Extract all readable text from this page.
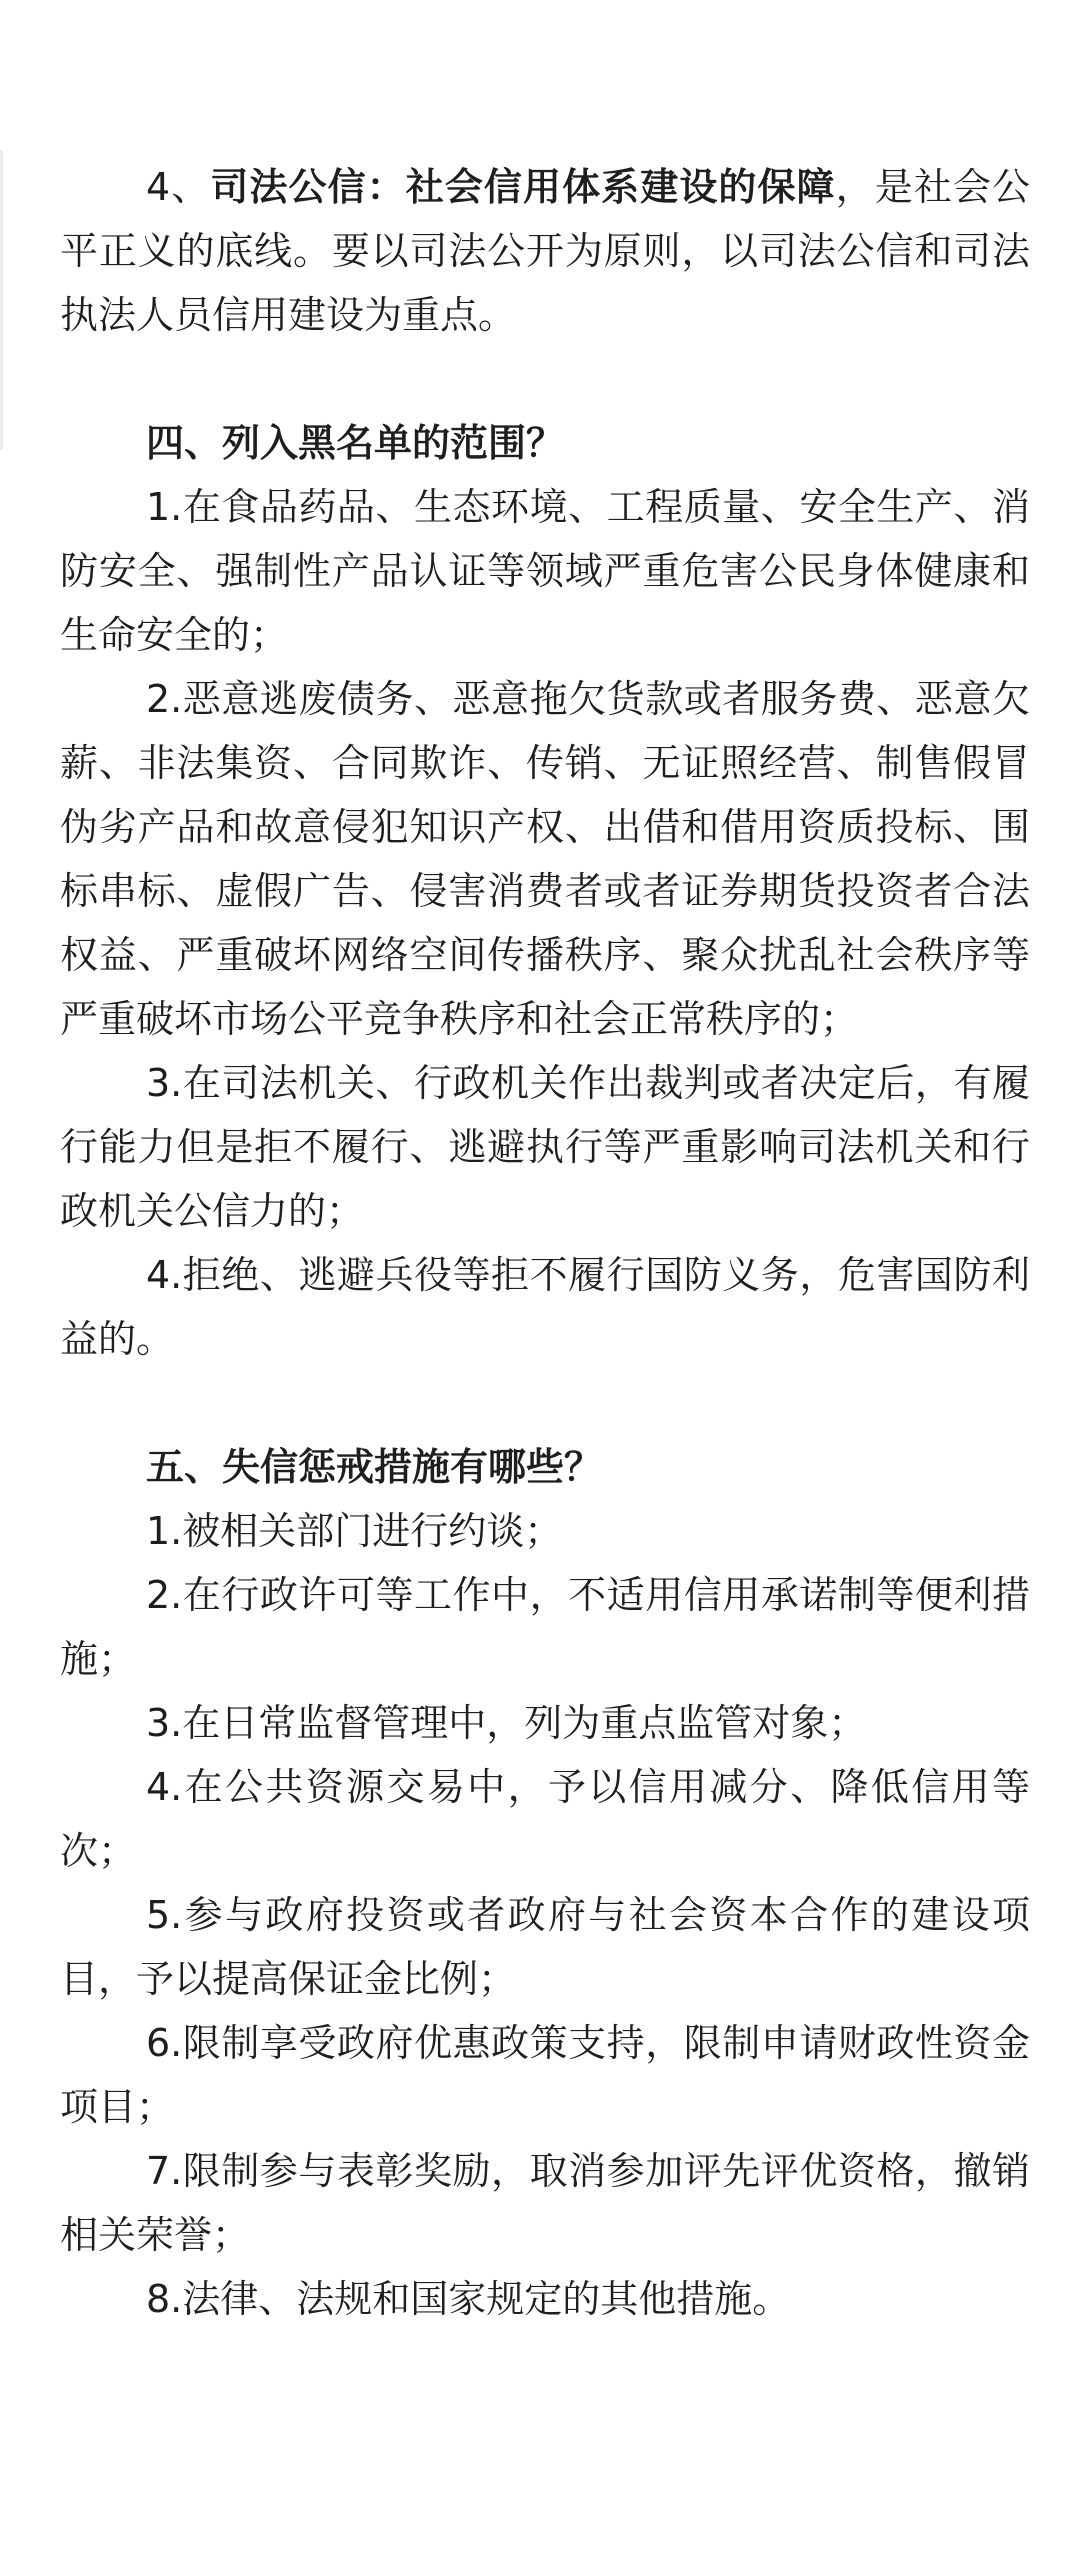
4、司法公信：社会信用体系建设的保障，是社会公平正义的底线。要以司法公开为原则，以司法公信和司法执法人员信用建设为重点。

四、列入黑名单的范围？

1.在食品药品、生态环境、工程质量、安全生产、消防安全、强制性产品认证等领域严重危害公民身体健康和生命安全的；

2.恶意逃废债务、恶意拖欠货款或者服务费、恶意欠薪、非法集资、合同欺诈、传销、无证照经营、制售假冒伪劣产品和故意侵犯知识产权、出借和借用资质投标、围标串标、虚假广告、侵害消费者或者证券期货投资者合法权益、严重破坏网络空间传播秩序、聚众扰乱社会秩序等严重破坏市场公平竞争秩序和社会正常秩序的；

3.在司法机关、行政机关作出裁判或者决定后，有履行能力但是拒不履行、逃避执行等严重影响司法机关和行政机关公信力的；

4.拒绝、逃避兵役等拒不履行国防义务，危害国防利益的。

五、失信惩戒措施有哪些？

1.被相关部门进行约谈；

2.在行政许可等工作中，不适用信用承诺制等便利措施；

3.在日常监督管理中，列为重点监管对象；

4.在公共资源交易中，予以信用减分、降低信用等次；

5.参与政府投资或者政府与社会资本合作的建设项目，予以提高保证金比例；

6.限制享受政府优惠政策支持，限制申请财政性资金项目；

7.限制参与表彰奖励，取消参加评先评优资格，撤销相关荣誉；

8.法律、法规和国家规定的其他措施。
